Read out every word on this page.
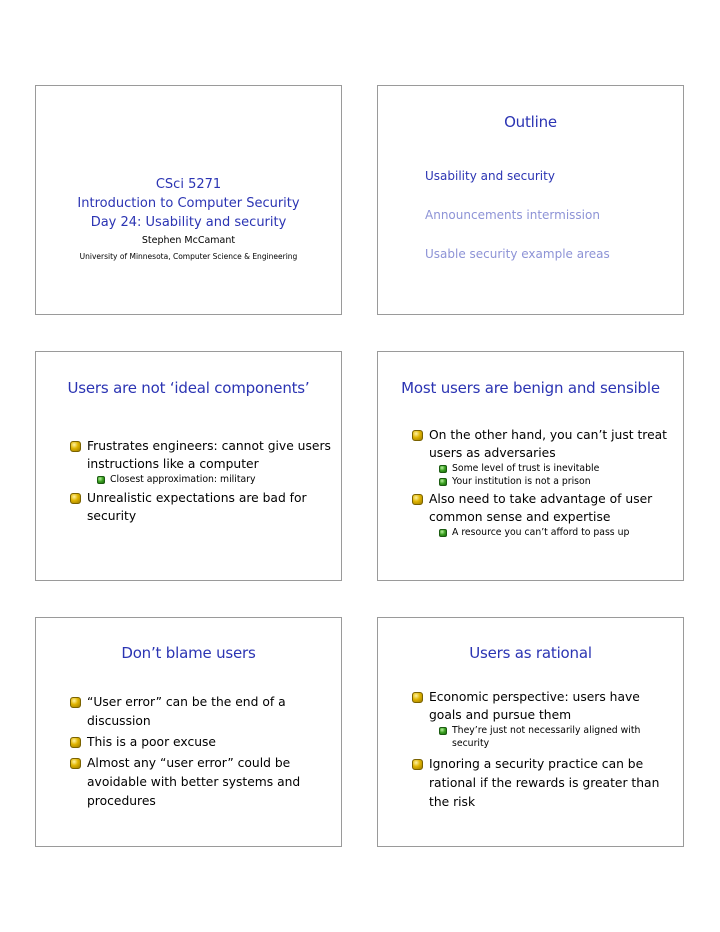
CSci 5271
Introduction to Computer Security
Day 24: Usability and security
Stephen McCamant
University of Minnesota, Computer Science & Engineering
Outline
Usability and security
Announcements intermission
Usable security example areas
Users are not ‘ideal components’
Frustrates engineers: cannot give users instructions like a computer
Closest approximation: military
Unrealistic expectations are bad for security
Most users are benign and sensible
On the other hand, you can’t just treat users as adversaries
Some level of trust is inevitable
Your institution is not a prison
Also need to take advantage of user common sense and expertise
A resource you can’t afford to pass up
Don’t blame users
“User error” can be the end of a discussion
This is a poor excuse
Almost any “user error” could be avoidable with better systems and procedures
Users as rational
Economic perspective: users have goals and pursue them
They’re just not necessarily aligned with security
Ignoring a security practice can be rational if the rewards is greater than the risk
